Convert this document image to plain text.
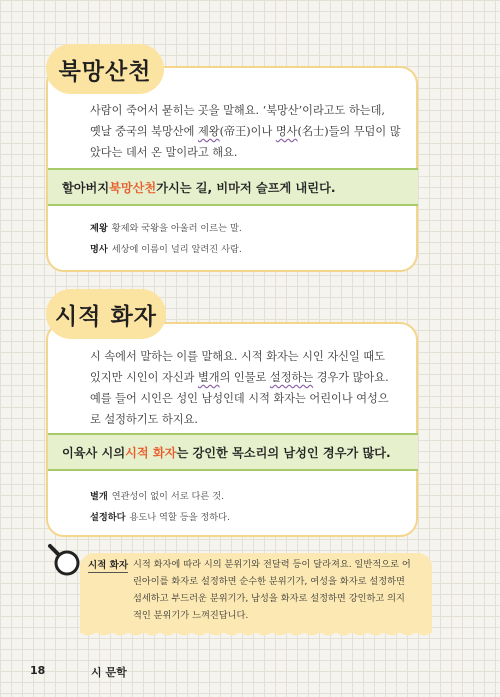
북망산천
사람이 죽어서 묻히는 곳을 말해요. ‘북망산’이라고도 하는데,
옛날 중국의 북망산에 제왕(帝王)이나 명사(名士)들의 무덤이 많
았다는 데서 온 말이라고 해요.
할아버지 북망산천 가시는 길, 비마저 슬프게 내린다.
제왕 황제와 국왕을 아울러 이르는 말.
명사 세상에 이름이 널리 알려진 사람.
시적 화자
시 속에서 말하는 이를 말해요. 시적 화자는 시인 자신일 때도
있지만 시인이 자신과 별개의 인물로 설정하는 경우가 많아요.
예를 들어 시인은 성인 남성인데 시적 화자는 어린이나 여성으
로 설정하기도 하지요.
이육사 시의 시적 화자 는 강인한 목소리의 남성인 경우가 많다.
별개 연관성이 없이 서로 다른 것.
설정하다 용도나 역할 등을 정하다.
시적 화자 시적 화자에 따라 시의 분위기와 전달력 등이 달라져요. 일반적으로 어
린아이를 화자로 설정하면 순수한 분위기가, 여성을 화자로 설정하면
섬세하고 부드러운 분위기가, 남성을 화자로 설정하면 강인하고 의지
적인 분위기가 느껴진답니다.
18	시 문학
